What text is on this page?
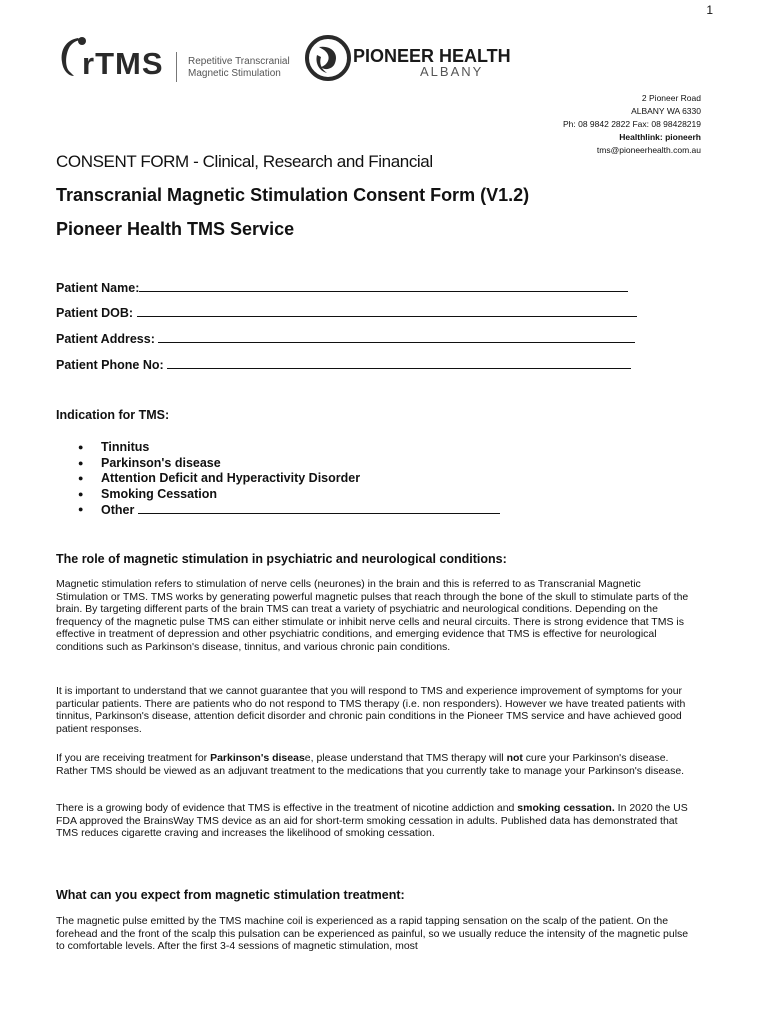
1
rTMS Repetitive Transcranial
Magnetic Stimulation
PIONEER HEALTH
ALBANY
2 Pioneer Road
ALBANY WA 6330
Ph: 08 9842 2822 Fax: 08 98428219
Healthlink: pioneerh
tms@pioneerhealth.com.au
CONSENT FORM - Clinical, Research and Financial
Transcranial Magnetic Stimulation Consent Form (V1.2)
Pioneer Health TMS Service
Patient Name:
Patient DOB:
Patient Address:
Patient Phone No:
Indication for TMS:
● Tinnitus
● Parkinson's disease
● Attention Deficit and Hyperactivity Disorder
● Smoking Cessation
● Other
The role of magnetic stimulation in psychiatric and neurological conditions:

Magnetic stimulation refers to stimulation of nerve cells (neurones) in the brain and this is referred to as Transcranial Magnetic Stimulation or TMS. TMS works by generating powerful magnetic pulses that reach through the bone of the skull to stimulate parts of the brain. By targeting different parts of the brain TMS can treat a variety of psychiatric and neurological conditions. Depending on the frequency of the magnetic pulse TMS can either stimulate or inhibit nerve cells and neural circuits. There is strong evidence that TMS is effective in treatment of depression and other psychiatric conditions, and emerging evidence that TMS is effective for neurological conditions such as Parkinson's disease, tinnitus, and various chronic pain conditions.

It is important to understand that we cannot guarantee that you will respond to TMS and experience improvement of symptoms for your particular patients. There are patients who do not respond to TMS therapy (i.e. non responders). However we have treated patients with tinnitus, Parkinson's disease, attention deficit disorder and chronic pain conditions in the Pioneer TMS service and have achieved good patient responses.

If you are receiving treatment for Parkinson's disease, please understand that TMS therapy will not cure your Parkinson's disease. Rather TMS should be viewed as an adjuvant treatment to the medications that you currently take to manage your Parkinson's disease.

There is a growing body of evidence that TMS is effective in the treatment of nicotine addiction and smoking cessation. In 2020 the US FDA approved the BrainsWay TMS device as an aid for short-term smoking cessation in adults. Published data has demonstrated that TMS reduces cigarette craving and increases the likelihood of smoking cessation.

What can you expect from magnetic stimulation treatment:

The magnetic pulse emitted by the TMS machine coil is experienced as a rapid tapping sensation on the scalp of the patient. On the forehead and the front of the scalp this pulsation can be experienced as painful, so we usually reduce the intensity of the magnetic pulse to comfortable levels. After the first 3-4 sessions of magnetic stimulation, most
